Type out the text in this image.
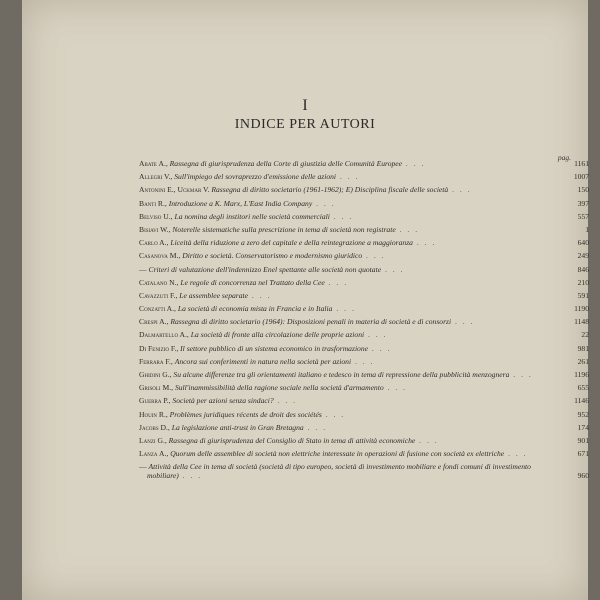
I
INDICE PER AUTORI
pag.
Abate A., Rassegna di giurisprudenza della Corte di giustizia delle Comunità Europee . . .	1161
Allegri V., Sull'impiego del sovraprezzo d'emissione delle azioni . . .	1007
Antonini E., Uckmar V. Rassegna di diritto societario (1961-1962); E) Disciplina fiscale delle società . . .	150
Banti R., Introduzione a K. Marx, L'East India Company . . .	397
Belviso U., La nomina degli institori nelle società commerciali . . .	557
Bisiavi W., Noterelle sistematiche sulla prescrizione in tema di società non registrate . . .	1
Carlo A., Liceità della riduzione a zero del capitale e della reintegrazione a maggioranza . . .	640
Casanova M., Diritto e società. Conservatorismo e modernismo giuridico . . .	249
— Criteri di valutazione dell'indennizzo Enel spettante alle società non quotate . . .	846
Catalano N., Le regole di concorrenza nel Trattato della Cee . . .	210
Cavazzuti F., Le assemblee separate . . .	591
Conzatti A., La società di economia mista in Francia e in Italia . . .	1190
Crespi A., Rassegna di diritto societario (1964): Disposizioni penali in materia di società e di consorzi . . .	1148
Dalmartello A., La società di fronte alla circolazione delle proprie azioni . . .	22
Di Fenizio F., Il settore pubblico di un sistema economico in trasformazione . . .	981
Ferrara F., Ancora sui conferimenti in natura nella società per azioni . . .	261
Ghidini G., Su alcune differenze tra gli orientamenti italiano e tedesco in tema di repressione della pubblicità menzognera . . .	1196
Grisoli M., Sull'inammissibilità della ragione sociale nella società d'armamento . . .	655
Guerra P., Società per azioni senza sindaci? . . .	1146
Houin R., Problèmes juridiques récents de droit des sociétés . . .	952
Jacobs D., La legislazione anti-trust in Gran Bretagna . . .	174
Lanzi G., Rassegna di giurisprudenza del Consiglio di Stato in tema di attività economiche . . .	901
Lanza A., Quorum delle assemblee di società non elettriche interessate in operazioni di fusione con società ex elettriche . . .	671
— Attività della Cee in tema di società (società di tipo europeo, società di investimento mobiliare e fondi comuni di investimento mobiliare) . . .	960
